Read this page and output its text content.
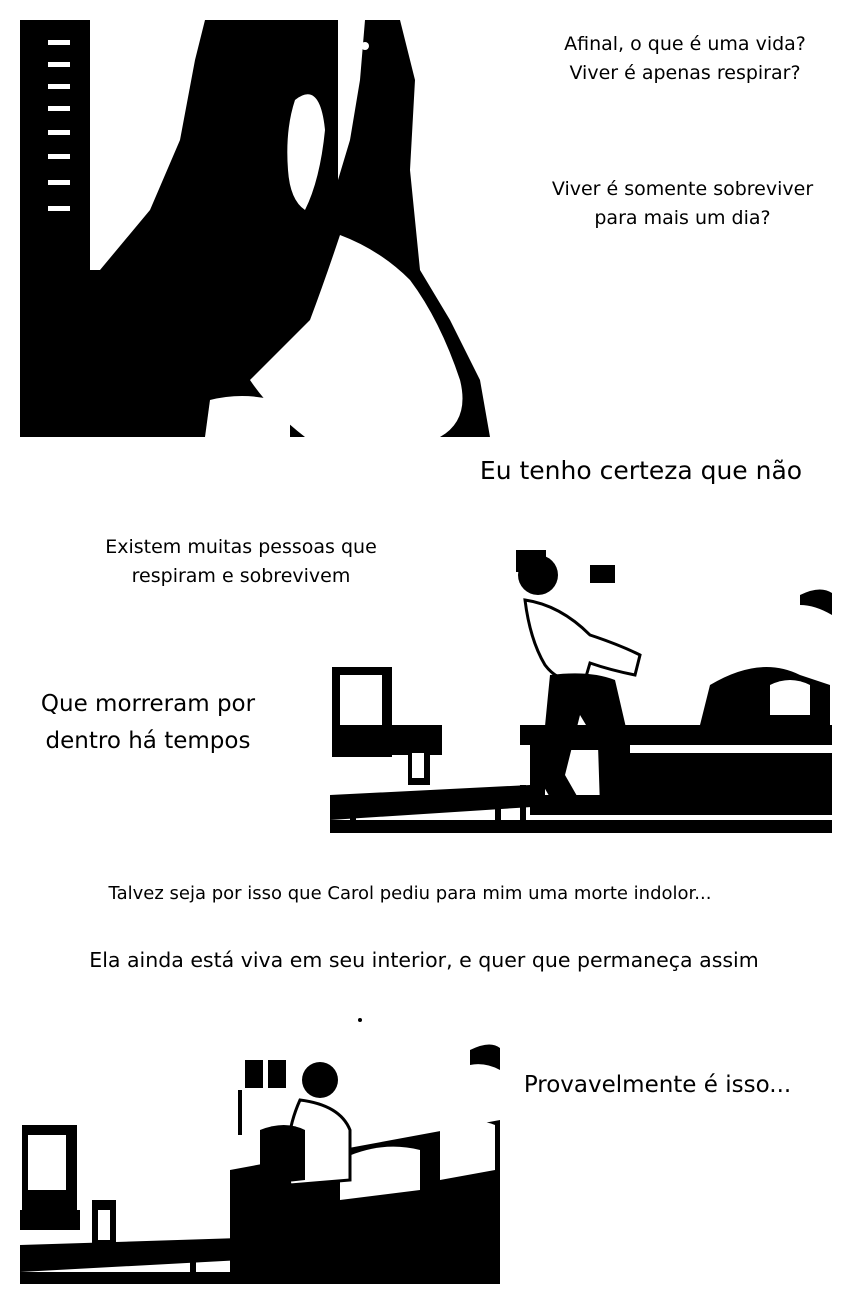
Afinal, o que é uma vida?
Viver é apenas respirar?
Viver é somente sobreviver
para mais um dia?
Eu tenho certeza que não
Existem muitas pessoas que
respiram e sobrevivem
Que morreram por
dentro há tempos
Talvez seja por isso que Carol pediu para mim uma morte indolor...
Ela ainda está viva em seu interior, e quer que permaneça assim
Provavelmente é isso...
